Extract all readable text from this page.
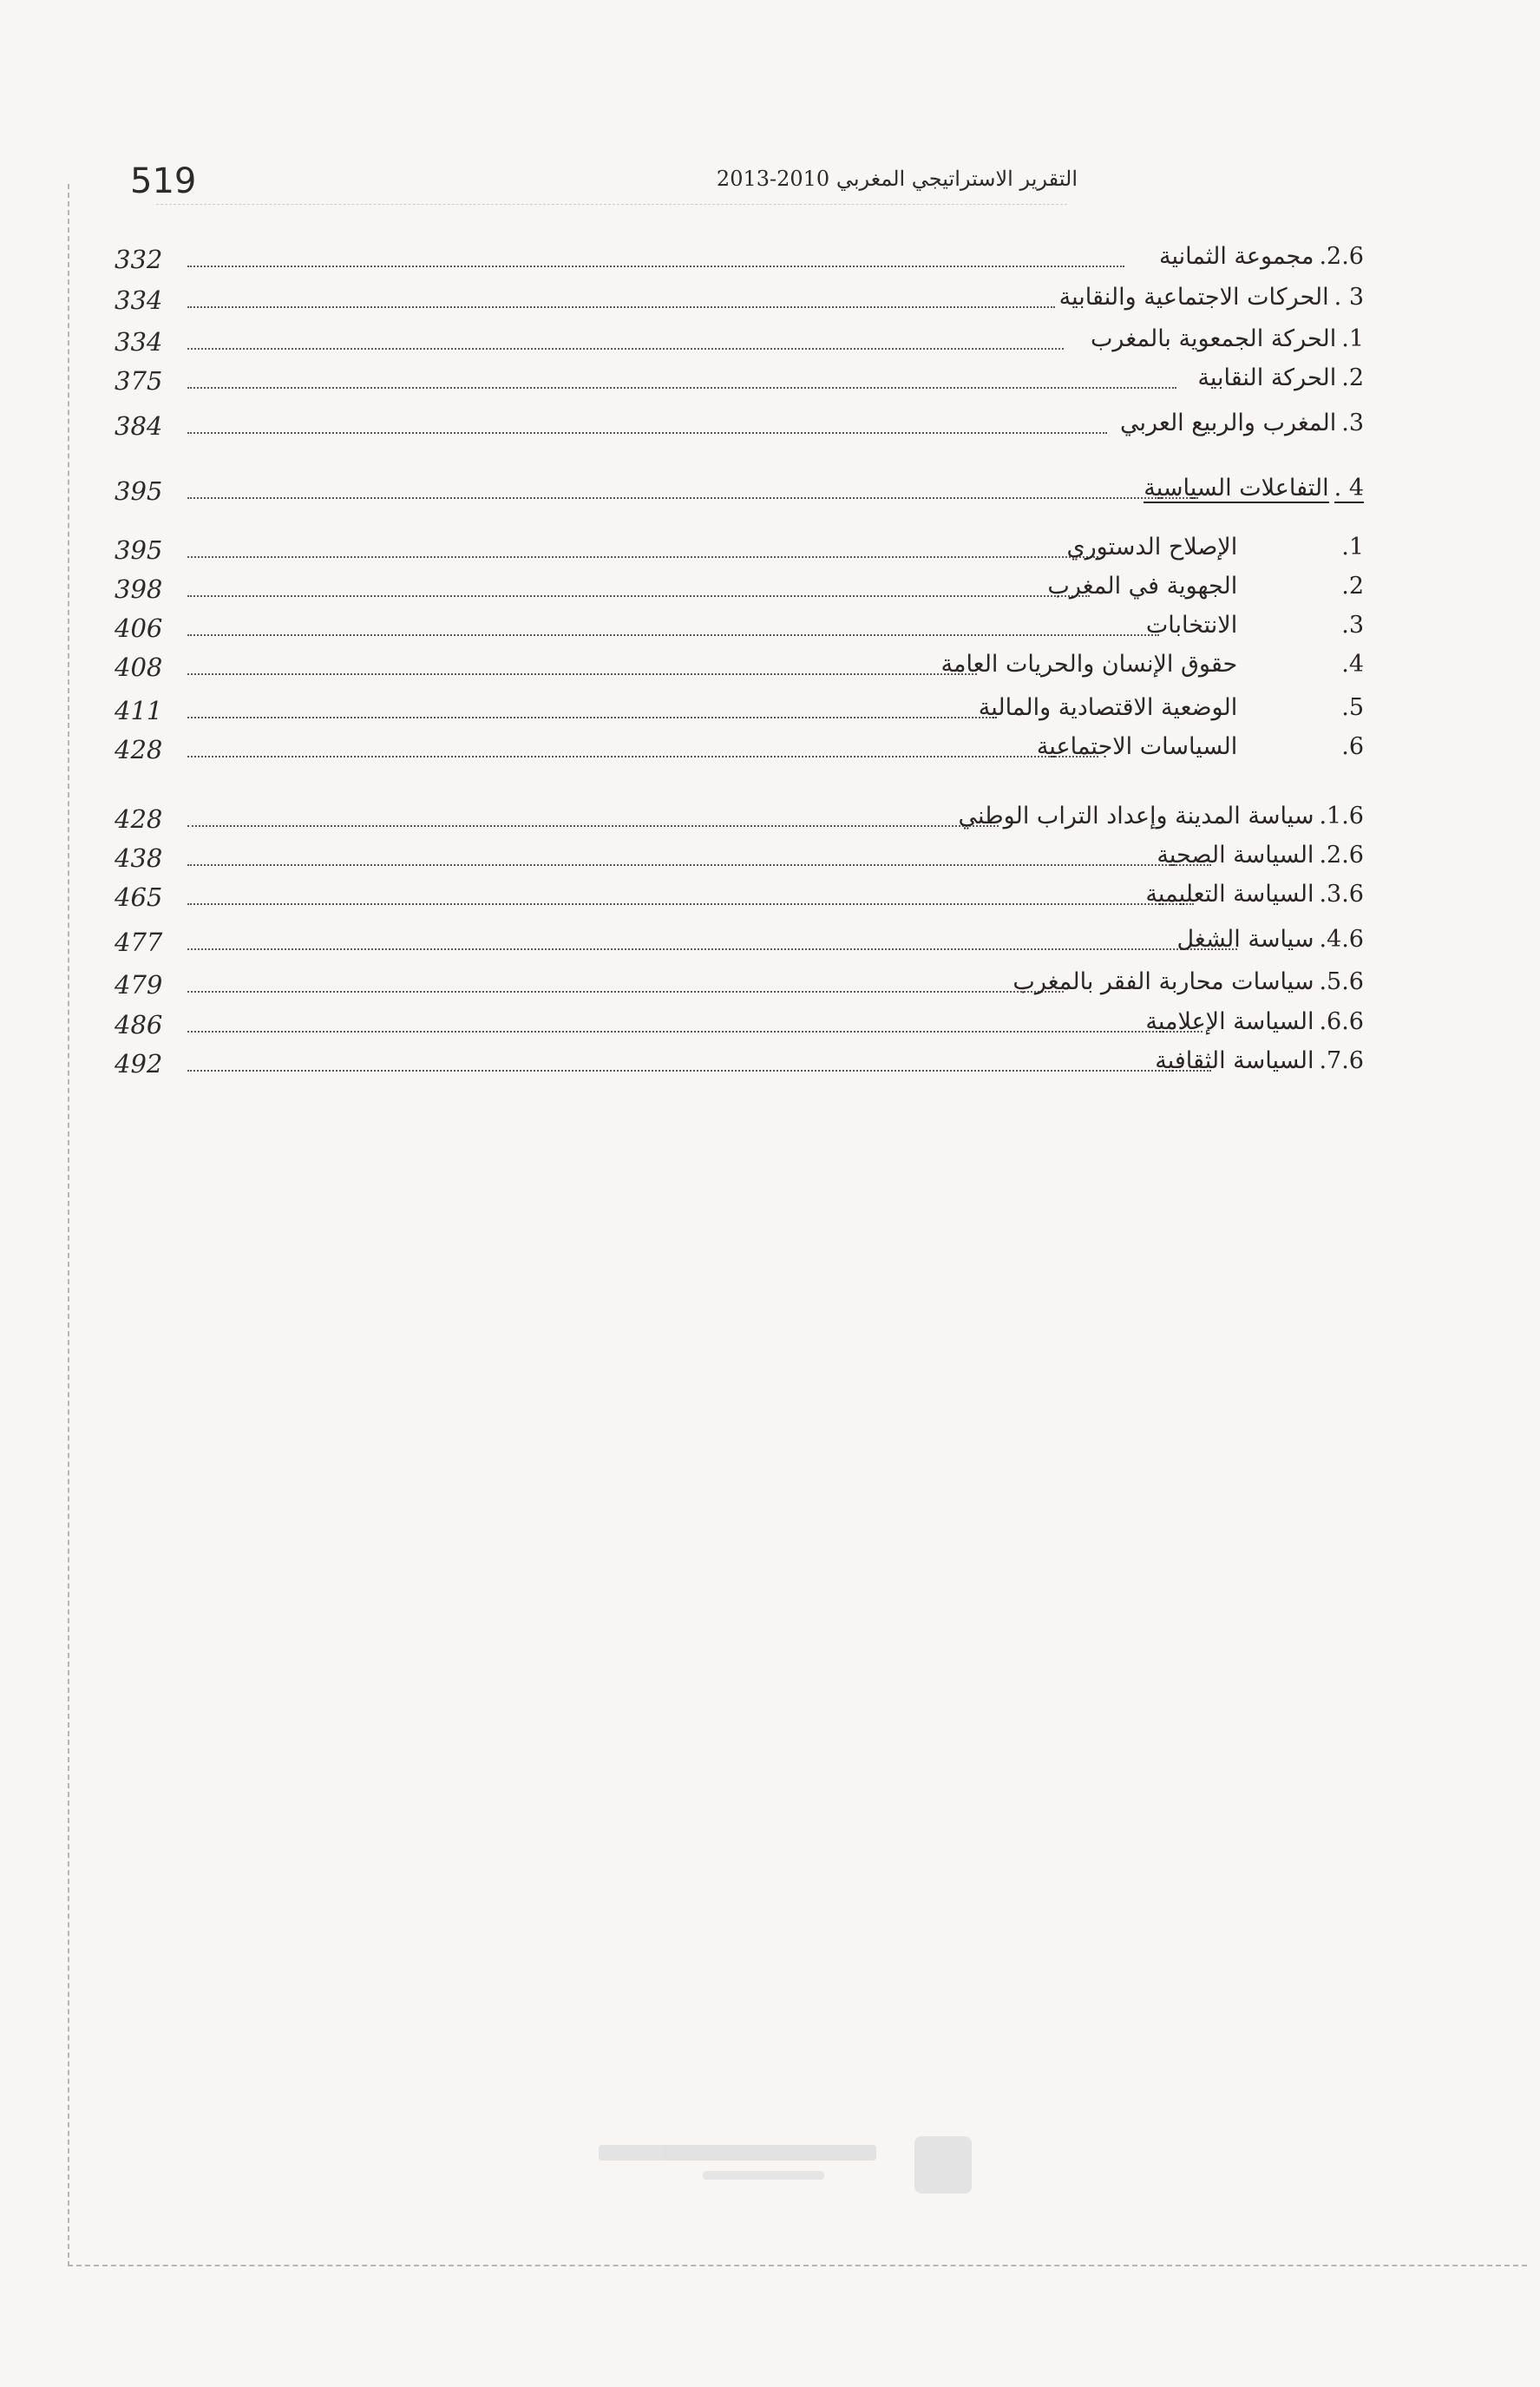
519	التقرير الاستراتيجي المغربي 2010-2013
332	2.6.مجموعة الثمانية
334	3 .الحركات الاجتماعية والنقابية
334	1.الحركة الجمعوية بالمغرب
375	2.الحركة النقابية
384	3.المغرب والربيع العربي
395	4 .التفاعلات السياسية
395	1.الإصلاح الدستوري
398	2.الجهوية في المغرب
406	3.الانتخابات
408	4.حقوق الإنسان والحريات العامة
411	5.الوضعية الاقتصادية والمالية
428	6.السياسات الاجتماعية
428	1.6.سياسة المدينة وإعداد التراب الوطني
438	2.6.السياسة الصحية
465	3.6.السياسة التعليمية
477	4.6.سياسة الشغل
479	5.6.سياسات محاربة الفقر بالمغرب
486	6.6.السياسة الإعلامية
492	7.6.السياسة الثقافية
